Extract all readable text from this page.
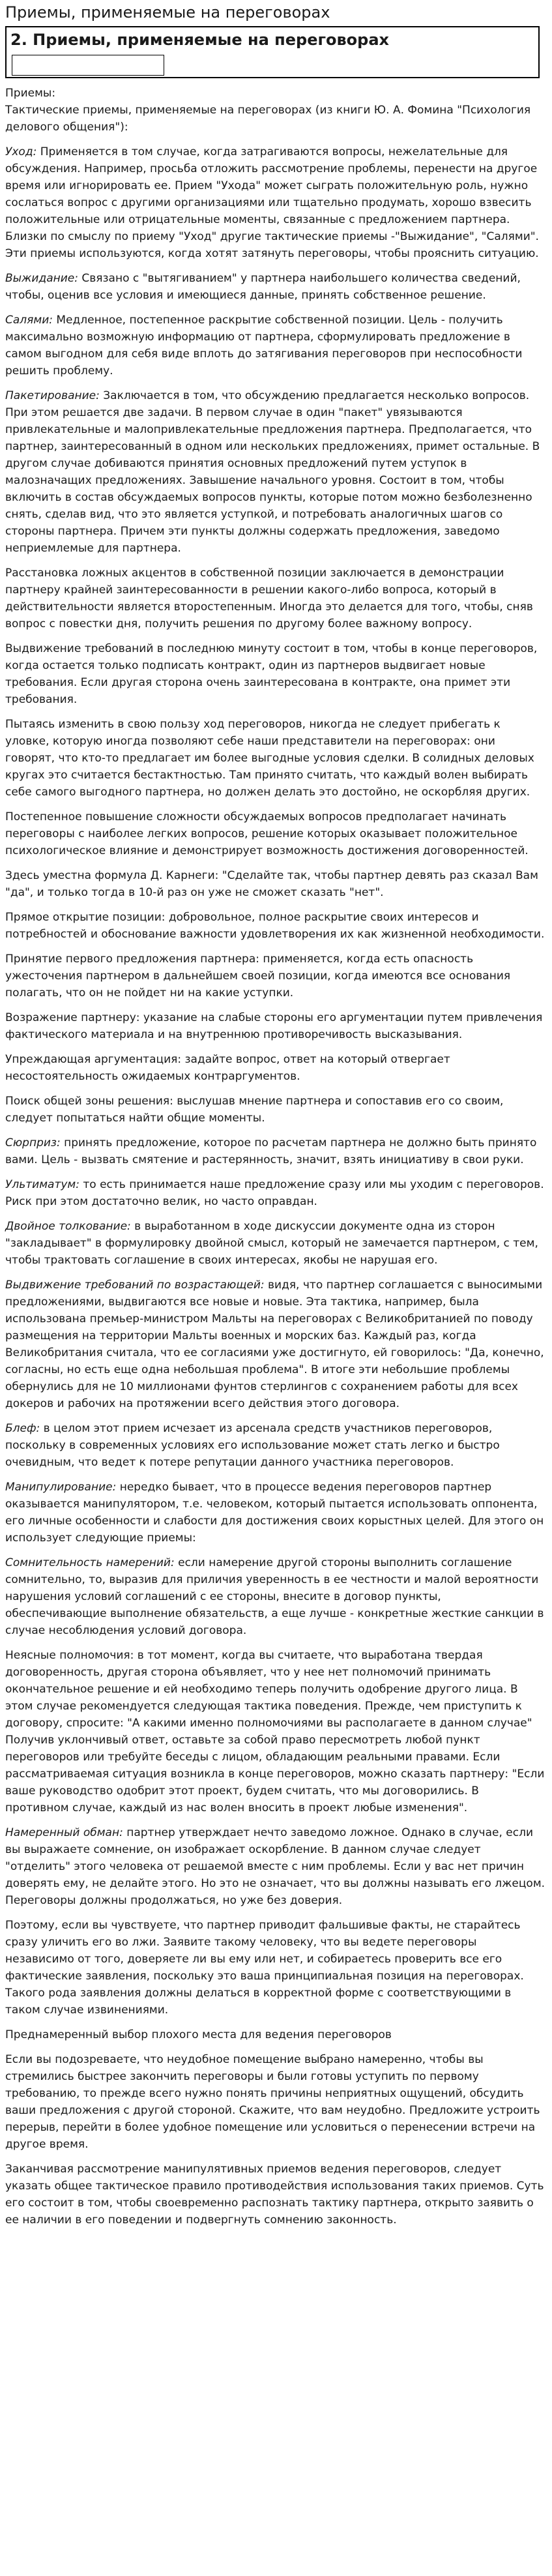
Приемы, применяемые на переговорах
2. Приемы, применяемые на переговорах

Приемы:

Тактические приемы, применяемые на переговорах (из книги Ю. А. Фомина "Психология делового общения"):

Уход: Применяется в том случае, когда затрагиваются вопросы, нежелательные для обсуждения. Например, просьба отложить рассмотрение проблемы, перенести на другое время или игнорировать ее. Прием "Ухода" может сыграть положительную роль, нужно сослаться вопрос с другими организациями или тщательно продумать, хорошо взвесить положительные или отрицательные моменты, связанные с предложением партнера. Близки по смыслу по приему "Уход" другие тактические приемы -"Выжидание", "Салями". Эти приемы используются, когда хотят затянуть переговоры, чтобы прояснить ситуацию.

Выжидание: Связано с "вытягиванием" у партнера наибольшего количества сведений, чтобы, оценив все условия и имеющиеся данные, принять собственное решение.

Салями: Медленное, постепенное раскрытие собственной позиции. Цель - получить максимально возможную информацию от партнера, сформулировать предложение в самом выгодном для себя виде вплоть до затягивания переговоров при неспособности решить проблему.

Пакетирование: Заключается в том, что обсуждению предлагается несколько вопросов. При этом решается две задачи. В первом случае в один "пакет" увязываются привлекательные и малопривлекательные предложения партнера. Предполагается, что партнер, заинтересованный в одном или нескольких предложениях, примет остальные. В другом случае добиваются принятия основных предложений путем уступок в малозначащих предложениях. Завышение начального уровня. Состоит в том, чтобы включить в состав обсуждаемых вопросов пункты, которые потом можно безболезненно снять, сделав вид, что это является уступкой, и потребовать аналогичных шагов со стороны партнера. Причем эти пункты должны содержать предложения, заведомо неприемлемые для партнера.

Расстановка ложных акцентов в собственной позиции заключается в демонстрации партнеру крайней заинтересованности в решении какого-либо вопроса, который в действительности является второстепенным. Иногда это делается для того, чтобы, сняв вопрос с повестки дня, получить решения по другому более важному вопросу.

Выдвижение требований в последнюю минуту состоит в том, чтобы в конце переговоров, когда остается только подписать контракт, один из партнеров выдвигает новые требования. Если другая сторона очень заинтересована в контракте, она примет эти требования.

Пытаясь изменить в свою пользу ход переговоров, никогда не следует прибегать к уловке, которую иногда позволяют себе наши представители на переговорах: они говорят, что кто-то предлагает им более выгодные условия сделки. В солидных деловых кругах это считается бестактностью. Там принято считать, что каждый волен выбирать себе самого выгодного партнера, но должен делать это достойно, не оскорбляя других.

Постепенное повышение сложности обсуждаемых вопросов предполагает начинать переговоры с наиболее легких вопросов, решение которых оказывает положительное психологическое влияние и демонстрирует возможность достижения договоренностей.

Здесь уместна формула Д. Карнеги: "Сделайте так, чтобы партнер девять раз сказал Вам "да", и только тогда в 10-й раз он уже не сможет сказать "нет".

Прямое открытие позиции: добровольное, полное раскрытие своих интересов и потребностей и обоснование важности удовлетворения их как жизненной необходимости.

Принятие первого предложения партнера: применяется, когда есть опасность ужесточения партнером в дальнейшем своей позиции, когда имеются все основания полагать, что он не пойдет ни на какие уступки.

Возражение партнеру: указание на слабые стороны его аргументации путем привлечения фактического материала и на внутреннюю противоречивость высказывания.

Упреждающая аргументация: задайте вопрос, ответ на который отвергает несостоятельность ожидаемых контраргументов.

Поиск общей зоны решения: выслушав мнение партнера и сопоставив его со своим, следует попытаться найти общие моменты.

Сюрприз: принять предложение, которое по расчетам партнера не должно быть принято вами. Цель - вызвать смятение и растерянность, значит, взять инициативу в свои руки.

Ультиматум: то есть принимается наше предложение сразу или мы уходим с переговоров. Риск при этом достаточно велик, но часто оправдан.

Двойное толкование: в выработанном в ходе дискуссии документе одна из сторон "закладывает" в формулировку двойной смысл, который не замечается партнером, с тем, чтобы трактовать соглашение в своих интересах, якобы не нарушая его.

Выдвижение требований по возрастающей: видя, что партнер соглашается с выносимыми предложениями, выдвигаются все новые и новые. Эта тактика, например, была использована премьер-министром Мальты на переговорах с Великобританией по поводу размещения на территории Мальты военных и морских баз. Каждый раз, когда Великобритания считала, что ее согласиями уже достигнуто, ей говорилось: "Да, конечно, согласны, но есть еще одна небольшая проблема". В итоге эти небольшие проблемы обернулись для не 10 миллионами фунтов стерлингов с сохранением работы для всех докеров и рабочих на протяжении всего действия этого договора.

Блеф: в целом этот прием исчезает из арсенала средств участников переговоров, поскольку в современных условиях его использование может стать легко и быстро очевидным, что ведет к потере репутации данного участника переговоров.

Манипулирование: нередко бывает, что в процессе ведения переговоров партнер оказывается манипулятором, т.е. человеком, который пытается использовать оппонента, его личные особенности и слабости для достижения своих корыстных целей. Для этого он использует следующие приемы:

Сомнительность намерений: если намерение другой стороны выполнить соглашение сомнительно, то, выразив для приличия уверенность в ее честности и малой вероятности нарушения условий соглашений с ее стороны, внесите в договор пункты, обеспечивающие выполнение обязательств, а еще лучше - конкретные жесткие санкции в случае несоблюдения условий договора.

Неясные полномочия: в тот момент, когда вы считаете, что выработана твердая договоренность, другая сторона объявляет, что у нее нет полномочий принимать окончательное решение и ей необходимо теперь получить одобрение другого лица. В этом случае рекомендуется следующая тактика поведения. Прежде, чем приступить к договору, спросите: "А какими именно полномочиями вы располагаете в данном случае" Получив уклончивый ответ, оставьте за собой право пересмотреть любой пункт переговоров или требуйте беседы с лицом, обладающим реальными правами. Если рассматриваемая ситуация возникла в конце переговоров, можно сказать партнеру: "Если ваше руководство одобрит этот проект, будем считать, что мы договорились. В противном случае, каждый из нас волен вносить в проект любые изменения".

Намеренный обман: партнер утверждает нечто заведомо ложное. Однако в случае, если вы выражаете сомнение, он изображает оскорбление. В данном случае следует "отделить" этого человека от решаемой вместе с ним проблемы. Если у вас нет причин доверять ему, не делайте этого. Но это не означает, что вы должны называть его лжецом. Переговоры должны продолжаться, но уже без доверия.

Поэтому, если вы чувствуете, что партнер приводит фальшивые факты, не старайтесь сразу уличить его во лжи. Заявите такому человеку, что вы ведете переговоры независимо от того, доверяете ли вы ему или нет, и собираетесь проверить все его фактические заявления, поскольку это ваша принципиальная позиция на переговорах. Такого рода заявления должны делаться в корректной форме с соответствующими в таком случае извинениями.

Преднамеренный выбор плохого места для ведения переговоров

Если вы подозреваете, что неудобное помещение выбрано намеренно, чтобы вы стремились быстрее закончить переговоры и были готовы уступить по первому требованию, то прежде всего нужно понять причины неприятных ощущений, обсудить ваши предложения с другой стороной. Скажите, что вам неудобно. Предложите устроить перерыв, перейти в более удобное помещение или условиться о перенесении встречи на другое время.

Заканчивая рассмотрение манипулятивных приемов ведения переговоров, следует указать общее тактическое правило противодействия использования таких приемов. Суть его состоит в том, чтобы своевременно распознать тактику партнера, открыто заявить о ее наличии в его поведении и подвергнуть сомнению законность.
